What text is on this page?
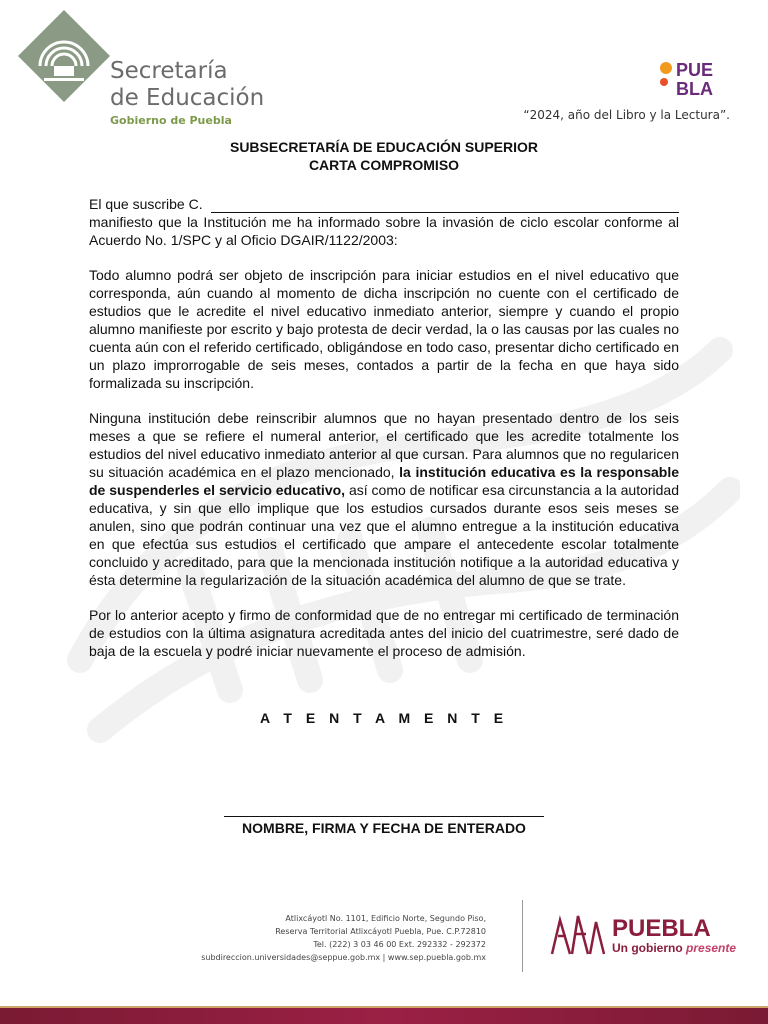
Secretaría
de Educación
Gobierno de Puebla
PUE
BLA
“2024, año del Libro y la Lectura”.
SUBSECRETARÍA DE EDUCACIÓN SUPERIOR
CARTA COMPROMISO
El que suscribe C.

manifiesto que la Institución me ha informado sobre la invasión de ciclo escolar conforme al Acuerdo No. 1/SPC y al Oficio DGAIR/1122/2003:

Todo alumno podrá ser objeto de inscripción para iniciar estudios en el nivel educativo que corresponda, aún cuando al momento de dicha inscripción no cuente con el certificado de estudios que le acredite el nivel educativo inmediato anterior, siempre y cuando el propio alumno manifieste por escrito y bajo protesta de decir verdad, la o las causas por las cuales no cuenta aún con el referido certificado, obligándose en todo caso, presentar dicho certificado en un plazo improrrogable de seis meses, contados a partir de la fecha en que haya sido formalizada su inscripción.

Ninguna institución debe reinscribir alumnos que no hayan presentado dentro de los seis meses a que se refiere el numeral anterior, el certificado que les acredite totalmente los estudios del nivel educativo inmediato anterior al que cursan. Para alumnos que no regularicen su situación académica en el plazo mencionado, la institución educativa es la responsable de suspenderles el servicio educativo, así como de notificar esa circunstancia a la autoridad educativa, y sin que ello implique que los estudios cursados durante esos seis meses se anulen, sino que podrán continuar una vez que el alumno entregue a la institución educativa en que efectúa sus estudios el certificado que ampare el antecedente escolar totalmente concluido y acreditado, para que la mencionada institución notifique a la autoridad educativa y ésta determine la regularización de la situación académica del alumno de que se trate.

Por lo anterior acepto y firmo de conformidad que de no entregar mi certificado de terminación de estudios con la última asignatura acreditada antes del inicio del cuatrimestre, seré dado de baja de la escuela y podré iniciar nuevamente el proceso de admisión.

A T E N T A M E N T E
NOMBRE, FIRMA Y FECHA DE ENTERADO
Atlixcáyotl No. 1101, Edificio Norte, Segundo Piso,
Reserva Territorial Atlixcáyotl Puebla, Pue. C.P.72810
Tel. (222) 3 03 46 00 Ext. 292332 - 292372
subdireccion.universidades@seppue.gob.mx | www.sep.puebla.gob.mx
PUEBLA
Un gobierno presente
